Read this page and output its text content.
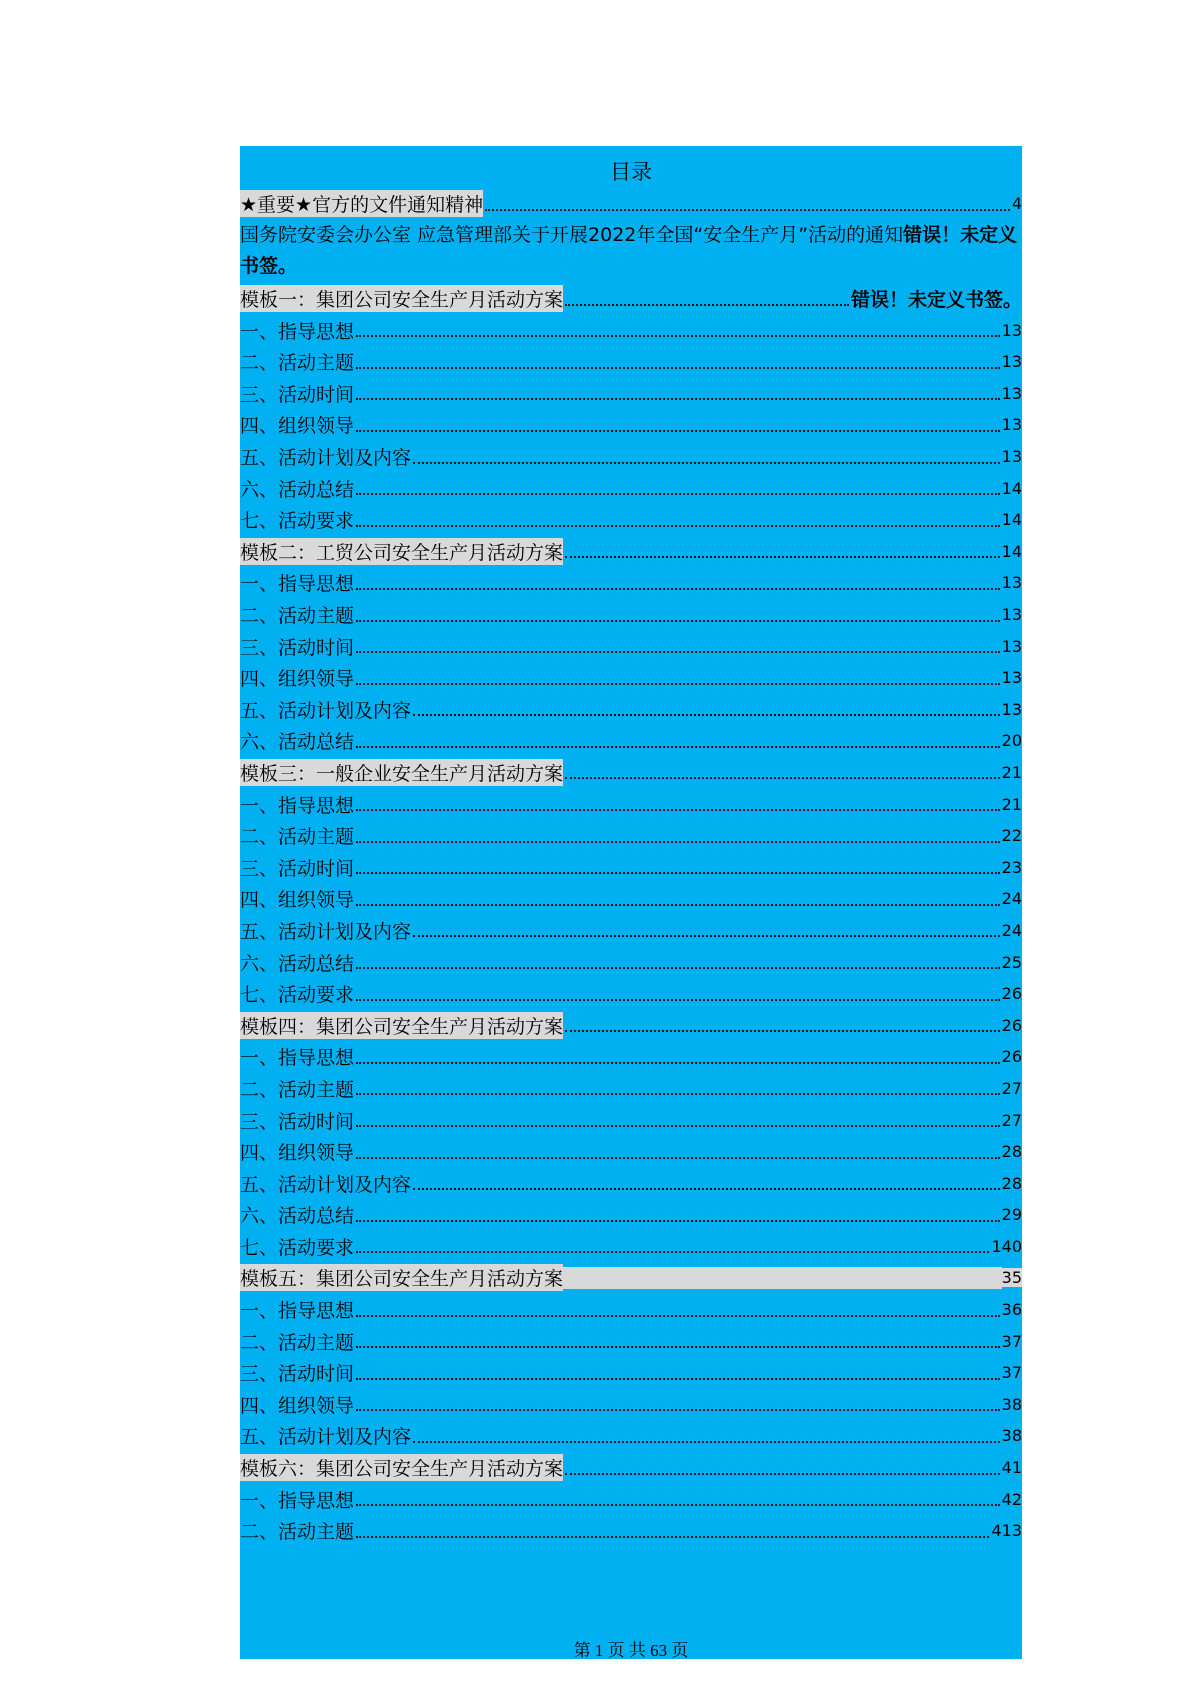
目录
★重要★官方的文件通知精神	4
国务院安委会办公室 应急管理部关于开展2022年全国“安全生产月”活动的通知错误！未定义书签。
模板一：集团公司安全生产月活动方案	错误！未定义书签。
一、指导思想	13
二、活动主题	13
三、活动时间	13
四、组织领导	13
五、活动计划及内容	13
六、活动总结	14
七、活动要求	14
模板二：工贸公司安全生产月活动方案	14
一、指导思想	13
二、活动主题	13
三、活动时间	13
四、组织领导	13
五、活动计划及内容	13
六、活动总结	20
模板三：一般企业安全生产月活动方案	21
一、指导思想	21
二、活动主题	22
三、活动时间	23
四、组织领导	24
五、活动计划及内容	24
六、活动总结	25
七、活动要求	26
模板四：集团公司安全生产月活动方案	26
一、指导思想	26
二、活动主题	27
三、活动时间	27
四、组织领导	28
五、活动计划及内容	28
六、活动总结	29
七、活动要求	140
模板五：集团公司安全生产月活动方案	35
一、指导思想	36
二、活动主题	37
三、活动时间	37
四、组织领导	38
五、活动计划及内容	38
模板六：集团公司安全生产月活动方案	41
一、指导思想	42
二、活动主题	413
第 1 页 共 63 页
